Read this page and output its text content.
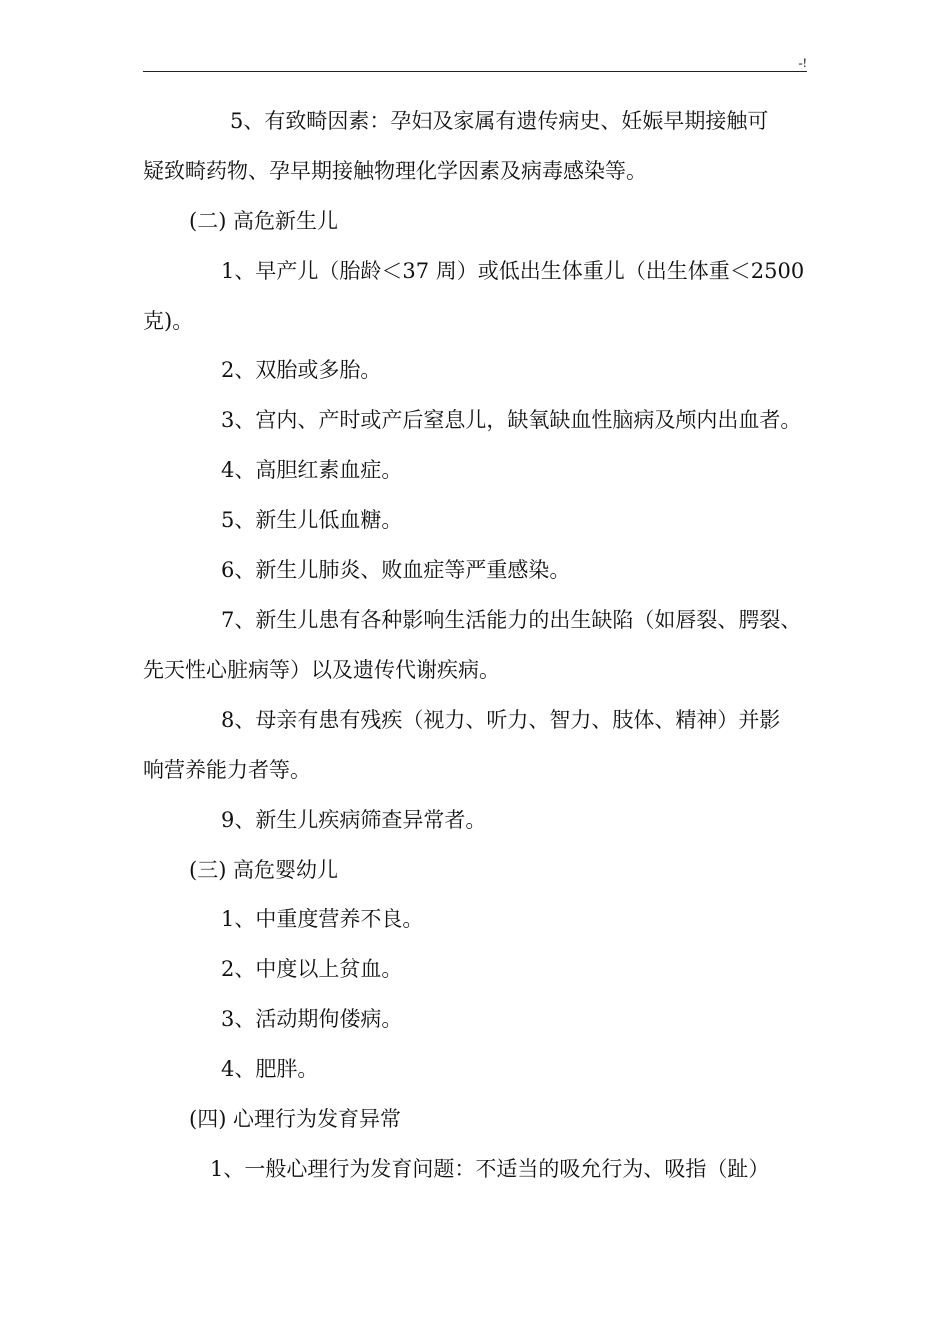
-!
5、有致畸因素：孕妇及家属有遗传病史、妊娠早期接触可
疑致畸药物、孕早期接触物理化学因素及病毒感染等。
(二) 高危新生儿
1、早产儿（胎龄＜37 周）或低出生体重儿（出生体重＜2500
克)。
2、双胎或多胎。
3、宫内、产时或产后窒息儿，缺氧缺血性脑病及颅内出血者。
4、高胆红素血症。
5、新生儿低血糖。
6、新生儿肺炎、败血症等严重感染。
7、新生儿患有各种影响生活能力的出生缺陷（如唇裂、腭裂、
先天性心脏病等）以及遗传代谢疾病。
8、母亲有患有残疾（视力、听力、智力、肢体、精神）并影
响营养能力者等。
9、新生儿疾病筛查异常者。
(三) 高危婴幼儿
1、中重度营养不良。
2、中度以上贫血。
3、活动期佝偻病。
4、肥胖。
(四) 心理行为发育异常
1、一般心理行为发育问题：不适当的吸允行为、吸指（趾）
